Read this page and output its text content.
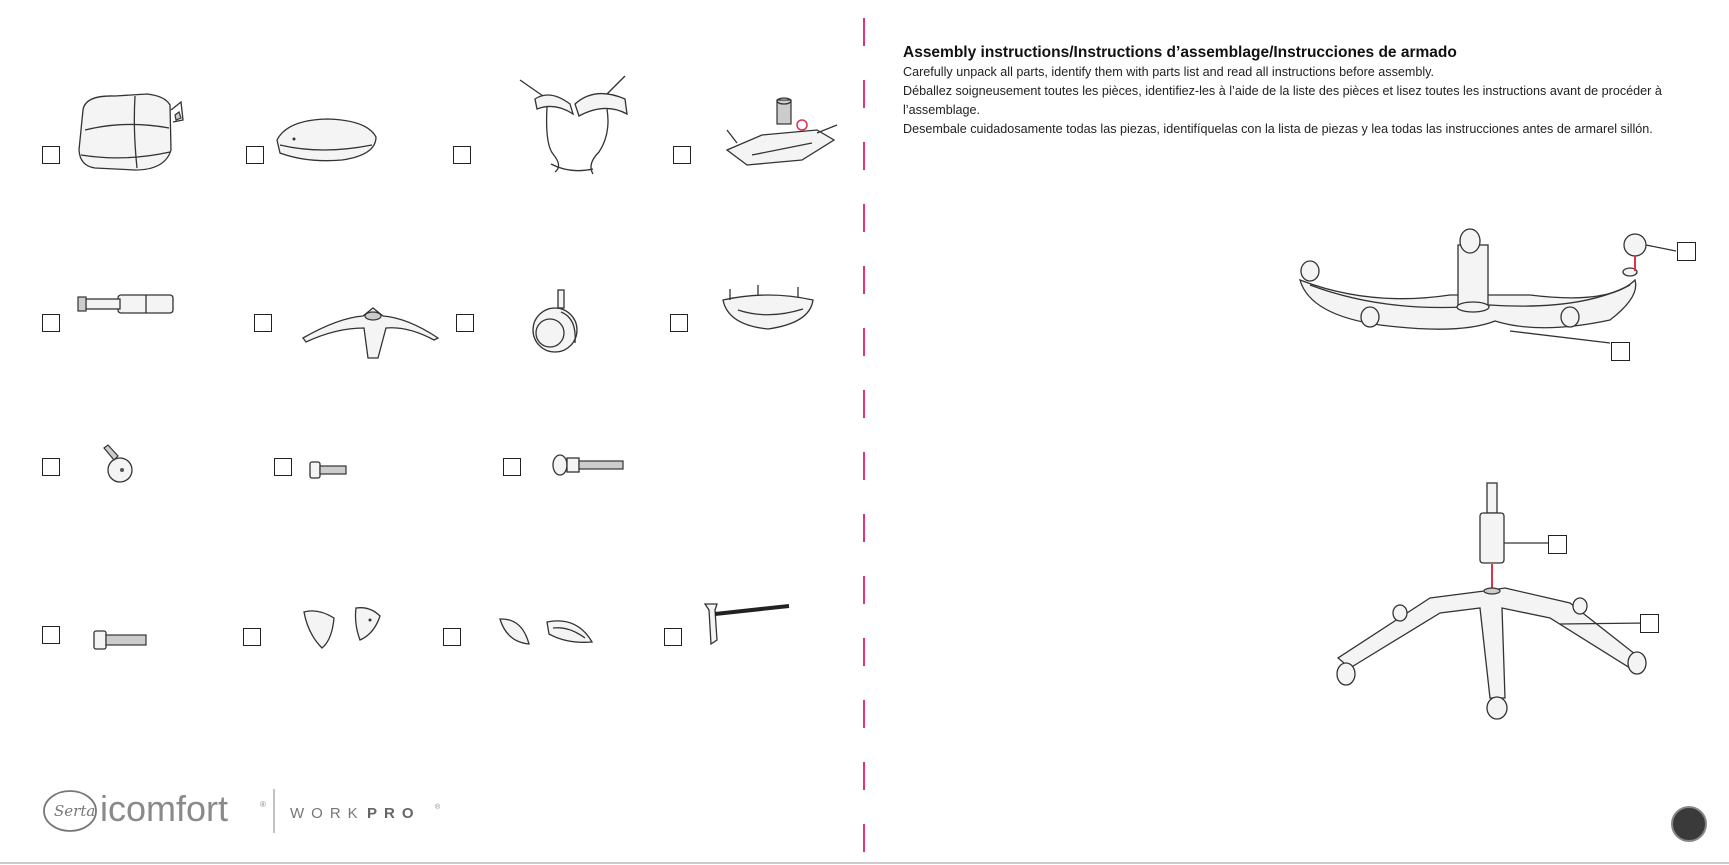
Serta icomfort	®
WORK PRO ®
Assembly instructions/Instructions d’assemblage/Instrucciones de armado
Carefully unpack all parts, identify them with parts list and read all instructions before assembly.
Déballez soigneusement toutes les pièces, identifiez-les à l’aide de la liste des pièces et lisez toutes les instructions avant de procéder à l’assemblage.
Desembale cuidadosamente todas las piezas, identifíquelas con la lista de piezas y lea todas las instrucciones antes de armarel sillón.
